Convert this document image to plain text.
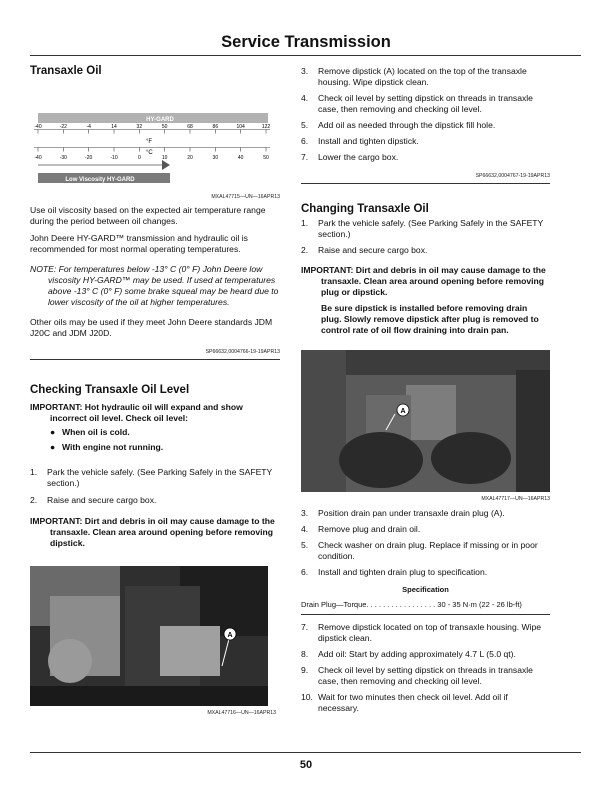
Service Transmission
Transaxle Oil
HY-GARD
-40	-22	-4	14	32	50	68	86	104	122
-40	-30	-20	-10	0	10	20	30	40	50
°F
°C
Low Viscosity HY-GARD
MXAL47715—UN—16APR13

Use oil viscosity based on the expected air temperature range during the period between oil changes.

John Deere HY-GARD™ transmission and hydraulic oil is recommended for most normal operating temperatures.

NOTE: For temperatures below -13° C (0° F) John Deere low viscosity HY-GARD™ may be used. If used at temperatures above -13° C (0° F) some brake squeal may be heard due to lower viscosity of the oil at higher temperatures.

Other oils may be used if they meet John Deere standards JDM J20C and JDM J20D.

SP66632,0004766-19-19APR13
Checking Transaxle Oil Level

IMPORTANT: Hot hydraulic oil will expand and show incorrect oil level. Check oil level:

● When oil is cold.
● With engine not running.
1. Park the vehicle safely. (See Parking Safely in the SAFETY section.)
2. Raise and secure cargo box.

IMPORTANT: Dirt and debris in oil may cause damage to the transaxle. Clean area around opening before removing dipstick.

A
MXAL47716—UN—16APR13
3. Remove dipstick (A) located on the top of the transaxle housing. Wipe dipstick clean.
4. Check oil level by setting dipstick on threads in transaxle case, then removing and checking oil level.
5. Add oil as needed through the dipstick fill hole.
6. Install and tighten dipstick.
7. Lower the cargo box.
SP66632,0004767-19-19APR13
Changing Transaxle Oil
1. Park the vehicle safely. (See Parking Safely in the SAFETY section.)
2. Raise and secure cargo box.

IMPORTANT: Dirt and debris in oil may cause damage to the transaxle. Clean area around opening before removing plug or dipstick.

Be sure dipstick is installed before removing drain plug. Slowly remove dipstick after plug is removed to control rate of oil flow draining into drain pan.

A
MXAL47717—UN—16APR13
3. Position drain pan under transaxle drain plug (A).
4. Remove plug and drain oil.
5. Check washer on drain plug. Replace if missing or in poor condition.
6. Install and tighten drain plug to specification.
Specification
Drain Plug—Torque. . . . . . . . . . . . . . . . . 30 - 35 N·m (22 - 26 lb-ft)
7. Remove dipstick located on top of transaxle housing. Wipe dipstick clean.
8. Add oil: Start by adding approximately 4.7 L (5.0 qt).
9. Check oil level by setting dipstick on threads in transaxle case, then removing and checking oil level.
10. Wait for two minutes then check oil level. Add oil if necessary.
50
